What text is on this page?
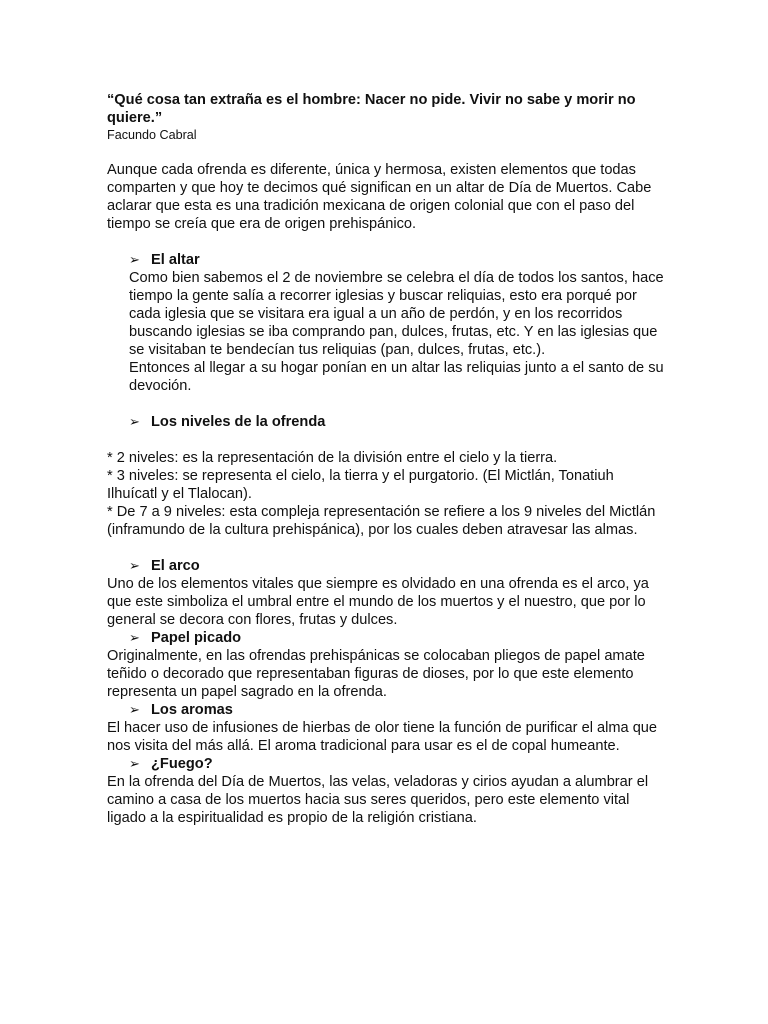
“Qué cosa tan extraña es el hombre: Nacer no pide. Vivir no sabe y morir no quiere.”

Facundo Cabral

Aunque cada ofrenda es diferente, única y hermosa, existen elementos que todas comparten y que hoy te decimos qué significan en un altar de Día de Muertos. Cabe aclarar que esta es una tradición mexicana de origen colonial que con el paso del tiempo se creía que era de origen prehispánico.

➢ El altar

Como bien sabemos el 2 de noviembre se celebra el día de todos los santos, hace tiempo la gente salía a recorrer iglesias y buscar reliquias, esto era porqué por cada iglesia que se visitara era igual a un año de perdón, y en los recorridos buscando iglesias se iba comprando pan, dulces, frutas, etc. Y en las iglesias que se visitaban te bendecían tus reliquias (pan, dulces, frutas, etc.).

Entonces al llegar a su hogar ponían en un altar las reliquias junto a el santo de su devoción.

➢ Los niveles de la ofrenda

* 2 niveles: es la representación de la división entre el cielo y la tierra.

* 3 niveles: se representa el cielo, la tierra y el purgatorio. (El Mictlán, Tonatiuh Ilhuícatl y el Tlalocan).

* De 7 a 9 niveles: esta compleja representación se refiere a los 9 niveles del Mictlán (inframundo de la cultura prehispánica), por los cuales deben atravesar las almas.

➢ El arco

Uno de los elementos vitales que siempre es olvidado en una ofrenda es el arco, ya que este simboliza el umbral entre el mundo de los muertos y el nuestro, que por lo general se decora con flores, frutas y dulces.

➢ Papel picado

Originalmente, en las ofrendas prehispánicas se colocaban pliegos de papel amate teñido o decorado que representaban figuras de dioses, por lo que este elemento representa un papel sagrado en la ofrenda.

➢ Los aromas

El hacer uso de infusiones de hierbas de olor tiene la función de purificar el alma que nos visita del más allá. El aroma tradicional para usar es el de copal humeante.

➢ ¿Fuego?

En la ofrenda del Día de Muertos, las velas, veladoras y cirios ayudan a alumbrar el camino a casa de los muertos hacia sus seres queridos, pero este elemento vital ligado a la espiritualidad es propio de la religión cristiana.
